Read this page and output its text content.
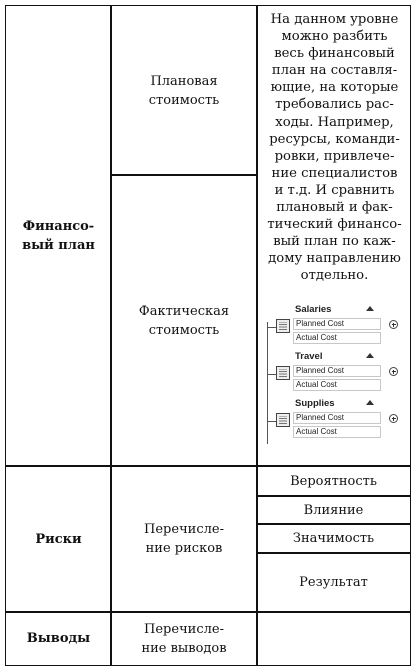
Финансо-
вый план
Плановая
стоимость
Фактическая
стоимость
На данном уровне
можно разбить
весь финансовый
план на составля-
ющие, на которые
требовались рас-
ходы. Например,
ресурсы, команди-
ровки, привлече-
ние специалистов
и т.д. И сравнить
плановый и фак-
тический финансо-
вый план по каж-
дому направлению
отдельно.
Salaries
Planned Cost
Actual Cost
Travel
Planned Cost
Actual Cost
Supplies
Planned Cost
Actual Cost
Риски
Перечисле-
ние рисков
Вероятность
Влияние
Значимость
Результат
Выводы
Перечисле-
ние выводов
